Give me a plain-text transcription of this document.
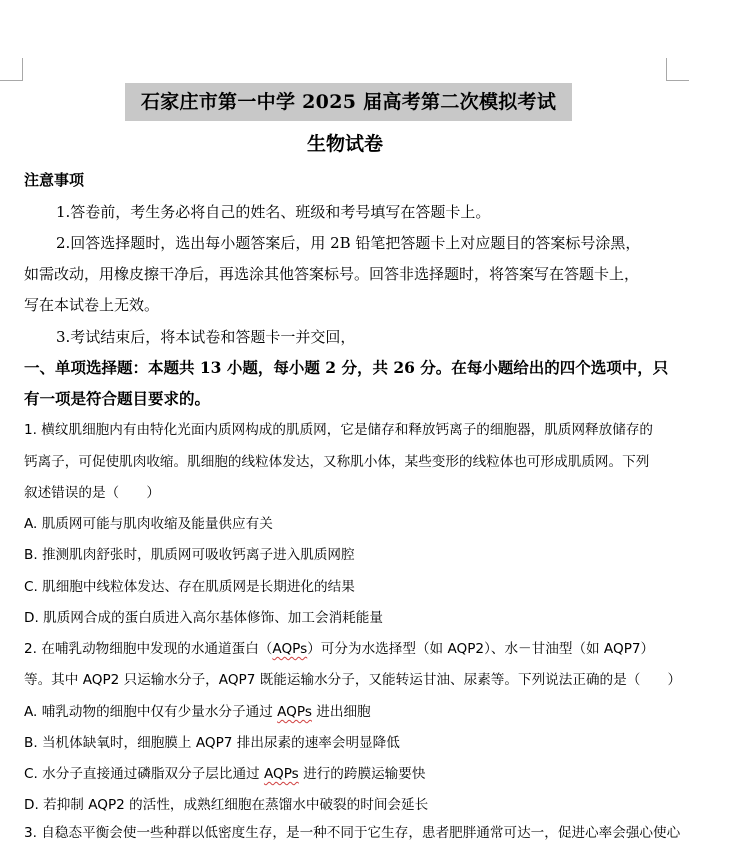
石家庄市第一中学 2025 届高考第二次模拟考试
生物试卷
注意事项
1.答卷前，考生务必将自己的姓名、班级和考号填写在答题卡上。
2.回答选择题时，选出每小题答案后，用 2B 铅笔把答题卡上对应题目的答案标号涂黑，
如需改动，用橡皮擦干净后，再选涂其他答案标号。回答非选择题时，将答案写在答题卡上，
写在本试卷上无效。
3.考试结束后，将本试卷和答题卡一并交回，
一、单项选择题：本题共 13 小题，每小题 2 分，共 26 分。在每小题给出的四个选项中，只
有一项是符合题目要求的。
1. 横纹肌细胞内有由特化光面内质网构成的肌质网，它是储存和释放钙离子的细胞器，肌质网释放储存的
钙离子，可促使肌肉收缩。肌细胞的线粒体发达，又称肌小体，某些变形的线粒体也可形成肌质网。下列
叙述错误的是（　　）
A. 肌质网可能与肌肉收缩及能量供应有关
B. 推测肌肉舒张时，肌质网可吸收钙离子进入肌质网腔
C. 肌细胞中线粒体发达、存在肌质网是长期进化的结果
D. 肌质网合成的蛋白质进入高尔基体修饰、加工会消耗能量
2. 在哺乳动物细胞中发现的水通道蛋白（AQPs）可分为水选择型（如 AQP2）、水－甘油型（如 AQP7）
等。其中 AQP2 只运输水分子，AQP7 既能运输水分子，又能转运甘油、尿素等。下列说法正确的是（　　）
A. 哺乳动物的细胞中仅有少量水分子通过 AQPs 进出细胞
B. 当机体缺氧时，细胞膜上 AQP7 排出尿素的速率会明显降低
C. 水分子直接通过磷脂双分子层比通过 AQPs 进行的跨膜运输要快
D. 若抑制 AQP2 的活性，成熟红细胞在蒸馏水中破裂的时间会延长
3. 自稳态平衡会使一些种群以低密度生存，是一种不同于它生存，患者肥胖通常可达一，促进心率会强心使心
